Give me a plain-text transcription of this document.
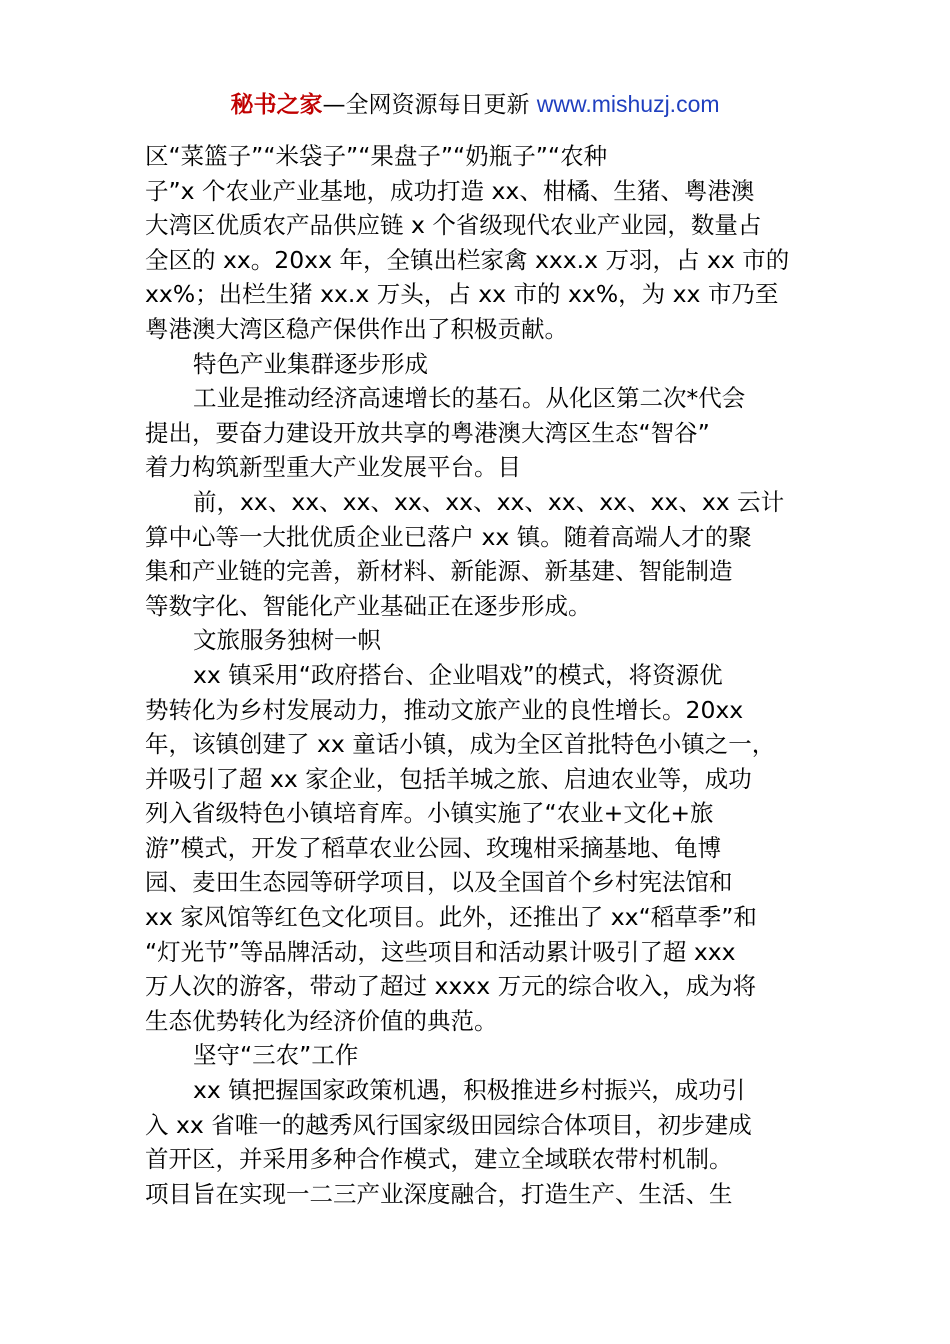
秘书之家—全网资源每日更新 www.mishuzj.com
区“菜篮子”“米袋子”“果盘子”“奶瓶子”“农种
子”x 个农业产业基地，成功打造 xx、柑橘、生猪、粤港澳
大湾区优质农产品供应链 x 个省级现代农业产业园，数量占
全区的 xx。20xx 年，全镇出栏家禽 xxx.x 万羽，占 xx 市的
xx%；出栏生猪 xx.x 万头，占 xx 市的 xx%，为 xx 市乃至
粤港澳大湾区稳产保供作出了积极贡献。
特色产业集群逐步形成
工业是推动经济高速增长的基石。从化区第二次*代会
提出，要奋力建设开放共享的粤港澳大湾区生态“智谷”
着力构筑新型重大产业发展平台。目
前，xx、xx、xx、xx、xx、xx、xx、xx、xx、xx 云计
算中心等一大批优质企业已落户 xx 镇。随着高端人才的聚
集和产业链的完善，新材料、新能源、新基建、智能制造
等数字化、智能化产业基础正在逐步形成。
文旅服务独树一帜
xx 镇采用“政府搭台、企业唱戏”的模式，将资源优
势转化为乡村发展动力，推动文旅产业的良性增长。20xx
年，该镇创建了 xx 童话小镇，成为全区首批特色小镇之一，
并吸引了超 xx 家企业，包括羊城之旅、启迪农业等，成功
列入省级特色小镇培育库。小镇实施了“农业+文化+旅
游”模式，开发了稻草农业公园、玫瑰柑采摘基地、龟博
园、麦田生态园等研学项目，以及全国首个乡村宪法馆和
xx 家风馆等红色文化项目。此外，还推出了 xx“稻草季”和
“灯光节”等品牌活动，这些项目和活动累计吸引了超 xxx
万人次的游客，带动了超过 xxxx 万元的综合收入，成为将
生态优势转化为经济价值的典范。
坚守“三农”工作
xx 镇把握国家政策机遇，积极推进乡村振兴，成功引
入 xx 省唯一的越秀风行国家级田园综合体项目，初步建成
首开区，并采用多种合作模式，建立全域联农带村机制。
项目旨在实现一二三产业深度融合，打造生产、生活、生
